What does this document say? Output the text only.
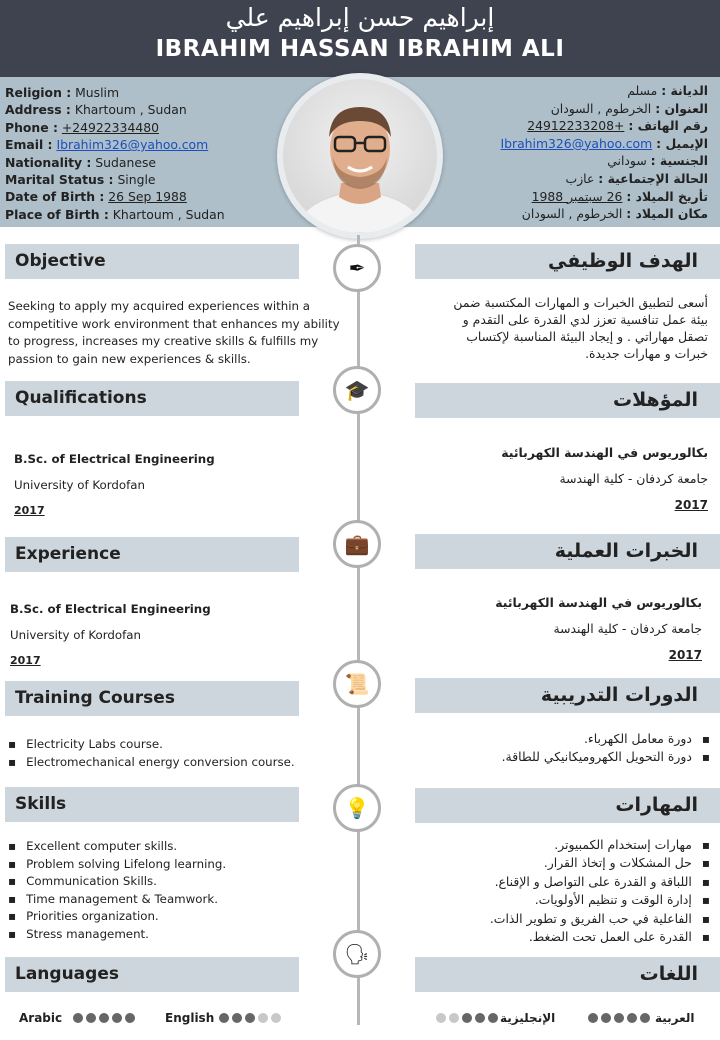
إبراهيم حسن إبراهيم علي
IBRAHIM HASSAN IBRAHIM ALI
Religion : Muslim
Address : Khartoum , Sudan
Phone : +24922334480
Email : Ibrahim326@yahoo.com
Nationality : Sudanese
Marital Status : Single
Date of Birth : 26 Sep 1988
Place of Birth : Khartoum , Sudan
الديانة : مسلم
العنوان : الخرطوم , السودان
رقم الهاتف : +24912233208
الإيميل : Ibrahim326@yahoo.com
الجنسية : سوداني
الحالة الإجتماعية : عازب
تأريخ الميلاد : 26 سبتمبر 1988
مكان الميلاد : الخرطوم , السودان
✒
🎓
💼
📜
💡
🗣
Objective	الهدف الوظيفي
Seeking to apply my acquired experiences within a
competitive work environment that enhances my ability
to progress, increases my creative skills & fulfills my
passion to gain new experiences & skills.
أسعى لتطبيق الخبرات و المهارات المكتسبة ضمن
بيئة عمل تنافسية تعزز لدي القدرة على التقدم و
تصقل مهاراتي . و إيجاد البيئة المناسبة لإكتساب
خبرات و مهارات جديدة.
Qualifications	المؤهلات
B.Sc. of Electrical Engineering
University of Kordofan
2017
بكالوريوس في الهندسة الكهربائية
جامعة كردفان - كلية الهندسة
2017
Experience	الخبرات العملية
B.Sc. of Electrical Engineering
University of Kordofan
2017
بكالوريوس في الهندسة الكهربائية
جامعة كردفان - كلية الهندسة
2017
Training Courses	الدورات التدريبية
▪ Electricity Labs course.
▪ Electromechanical energy conversion course.
▪ دورة معامل الكهرباء.
▪ دورة التحويل الكهروميكانيكي للطاقة.
Skills	المهارات
▪ Excellent computer skills.
▪ Problem solving Lifelong learning.
▪ Communication Skills.
▪ Time management & Teamwork.
▪ Priorities organization.
▪ Stress management.
▪ مهارات إستخدام الكمبيوتر.
▪ حل المشكلات و إتخاذ القرار.
▪ اللباقة و القدرة على التواصل و الإقناع.
▪ إدارة الوقت و تنظيم الأولويات.
▪ الفاعلية في حب الفريق و تطوير الذات.
▪ القدرة على العمل تحت الضغط.
Languages	اللغات
Arabic	English	الإنجليزية	العربية
